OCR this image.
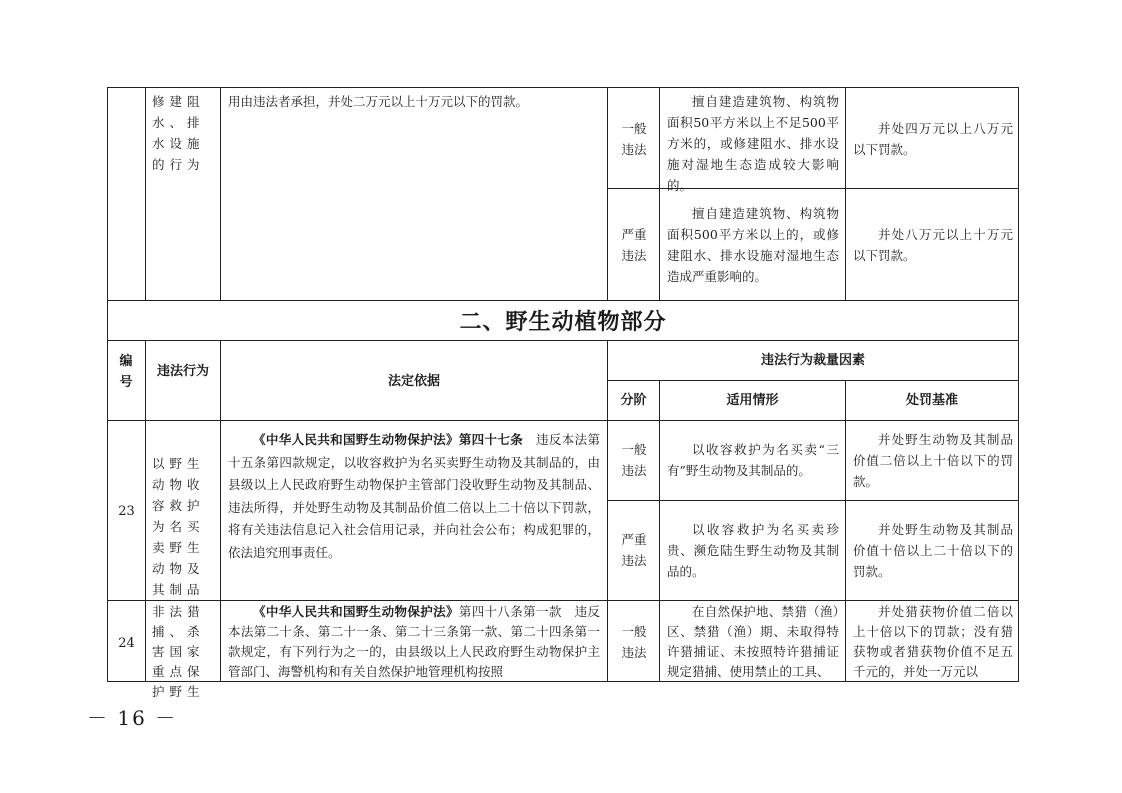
修建阻水、排水设施的行为
用由违法者承担，并处二万元以上十万元以下的罚款。
一般违法
擅自建造建筑物、构筑物面积50平方米以上不足500平方米的，或修建阻水、排水设施对湿地生态造成较大影响的。
并处四万元以上八万元以下罚款。
严重违法
擅自建造建筑物、构筑物面积500平方米以上的，或修建阻水、排水设施对湿地生态造成严重影响的。
并处八万元以上十万元以下罚款。
二、野生动植物部分
编号
违法行为
法定依据
违法行为裁量因素
分阶	适用情形	处罚基准
23
以野生动物收容救护为名买卖野生动物及其制品
《中华人民共和国野生动物保护法》第四十七条　 违反本法第十五条第四款规定，以收容救护为名买卖野生动物及其制品的，由县级以上人民政府野生动物保护主管部门没收野生动物及其制品、违法所得，并处野生动物及其制品价值二倍以上二十倍以下罚款，将有关违法信息记入社会信用记录，并向社会公布；构成犯罪的，依法追究刑事责任。
一般违法
以收容救护为名买卖“三有”野生动物及其制品的。
并处野生动物及其制品价值二倍以上十倍以下的罚款。
严重违法
以收容救护为名买卖珍贵、濒危陆生野生动物及其制品的。
并处野生动物及其制品价值十倍以上二十倍以下的罚款。
24
非法猎捕、杀害国家重点保护野生
《中华人民共和国野生动物保护法》第四十八条第一款　违反本法第二十条、第二十一条、第二十三条第一款、第二十四条第一款规定，有下列行为之一的，由县级以上人民政府野生动物保护主管部门、海警机构和有关自然保护地管理机构按照
一般违法
在自然保护地、禁猎（渔）区、禁猎（渔）期、未取得特许猎捕证、未按照特许猎捕证规定猎捕、使用禁止的工具、
并处猎获物价值二倍以上十倍以下的罚款；没有猎获物或者猎获物价值不足五千元的，并处一万元以
－ 16 －
